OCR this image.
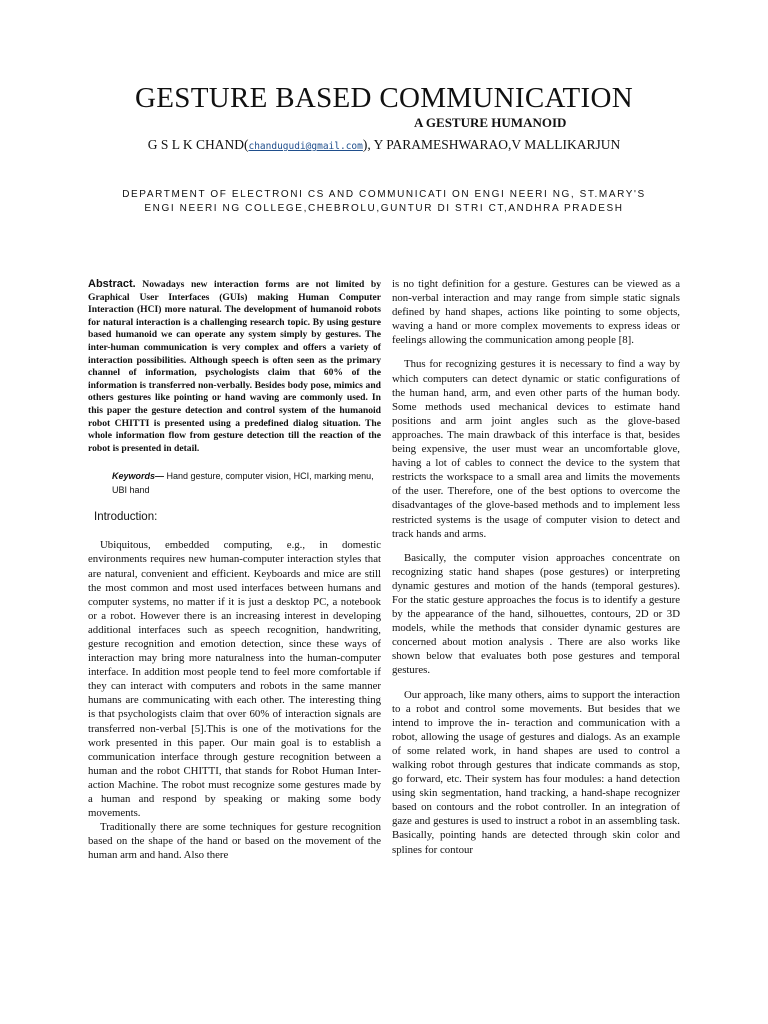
GESTURE BASED COMMUNICATION
A GESTURE HUMANOID
G S L K CHAND(chandugudi@gmail.com), Y PARAMESHWARAO,V MALLIKARJUN
DEPARTMENT OF ELECTRONI CS AND COMMUNICATI ON ENGI NEERI NG, ST.MARY'S ENGI NEERI NG COLLEGE,CHEBROLU,GUNTUR DI STRI CT,ANDHRA PRADESH

Abstract. Nowadays new interaction forms are not limited by Graphical User Interfaces (GUIs) making Human Computer Interaction (HCI) more natural. The development of humanoid robots for natural interaction is a challenging research topic. By using gesture based humanoid we can operate any system simply by gestures. The inter-human communication is very complex and offers a variety of interaction possibilities. Although speech is often seen as the primary channel of information, psychologists claim that 60% of the information is transferred non-verbally. Besides body pose, mimics and others gestures like pointing or hand waving are commonly used. In this paper the gesture detection and control system of the humanoid robot CHITTI is presented using a predefined dialog situation. The whole information flow from gesture detection till the reaction of the robot is presented in detail.

Keywords— Hand gesture, computer vision, HCI, marking menu, UBI hand

Introduction:

Ubiquitous, embedded computing, e.g., in domestic environments requires new human-computer interaction styles that are natural, convenient and efficient. Keyboards and mice are still the most common and most used interfaces between humans and computer systems, no matter if it is just a desktop PC, a notebook or a robot. However there is an increasing interest in developing additional interfaces such as speech recognition, handwriting, gesture recognition and emotion detection, since these ways of interaction may bring more naturalness into the human-computer interface. In addition most people tend to feel more comfortable if they can interact with computers and robots in the same manner humans are communicating with each other. The interesting thing is that psychologists claim that over 60% of interaction signals are transferred non-verbal [5].This is one of the motivations for the work presented in this paper. Our main goal is to establish a communication interface through gesture recognition between a human and the robot CHITTI, that stands for Robot Human Inter- action Machine. The robot must recognize some gestures made by a human and respond by speaking or making some body movements.

Traditionally there are some techniques for gesture recognition based on the shape of the hand or based on the movement of the human arm and hand. Also there

is no tight definition for a gesture. Gestures can be viewed as a non-verbal interaction and may range from simple static signals defined by hand shapes, actions like pointing to some objects, waving a hand or more complex movements to express ideas or feelings allowing the communication among people [8].

Thus for recognizing gestures it is necessary to find a way by which computers can detect dynamic or static configurations of the human hand, arm, and even other parts of the human body. Some methods used mechanical devices to estimate hand positions and arm joint angles such as the glove-based approaches. The main drawback of this interface is that, besides being expensive, the user must wear an uncomfortable glove, having a lot of cables to connect the device to the system that restricts the workspace to a small area and limits the movements of the user. Therefore, one of the best options to overcome the disadvantages of the glove-based methods and to implement less restricted systems is the usage of computer vision to detect and track hands and arms.

Basically, the computer vision approaches concentrate on recognizing static hand shapes (pose gestures) or interpreting dynamic gestures and motion of the hands (temporal gestures). For the static gesture approaches the focus is to identify a gesture by the appearance of the hand, silhouettes, contours, 2D or 3D models, while the methods that consider dynamic gestures are concerned about motion analysis . There are also works like shown below that evaluates both pose gestures and temporal gestures.

Our approach, like many others, aims to support the interaction to a robot and control some movements. But besides that we intend to improve the in- teraction and communication with a robot, allowing the usage of gestures and dialogs. As an example of some related work, in hand shapes are used to control a walking robot through gestures that indicate commands as stop, go forward, etc. Their system has four modules: a hand detection using skin segmentation, hand tracking, a hand-shape recognizer based on contours and the robot controller. In an integration of gaze and gestures is used to instruct a robot in an assembling task. Basically, pointing hands are detected through skin color and splines for contour
